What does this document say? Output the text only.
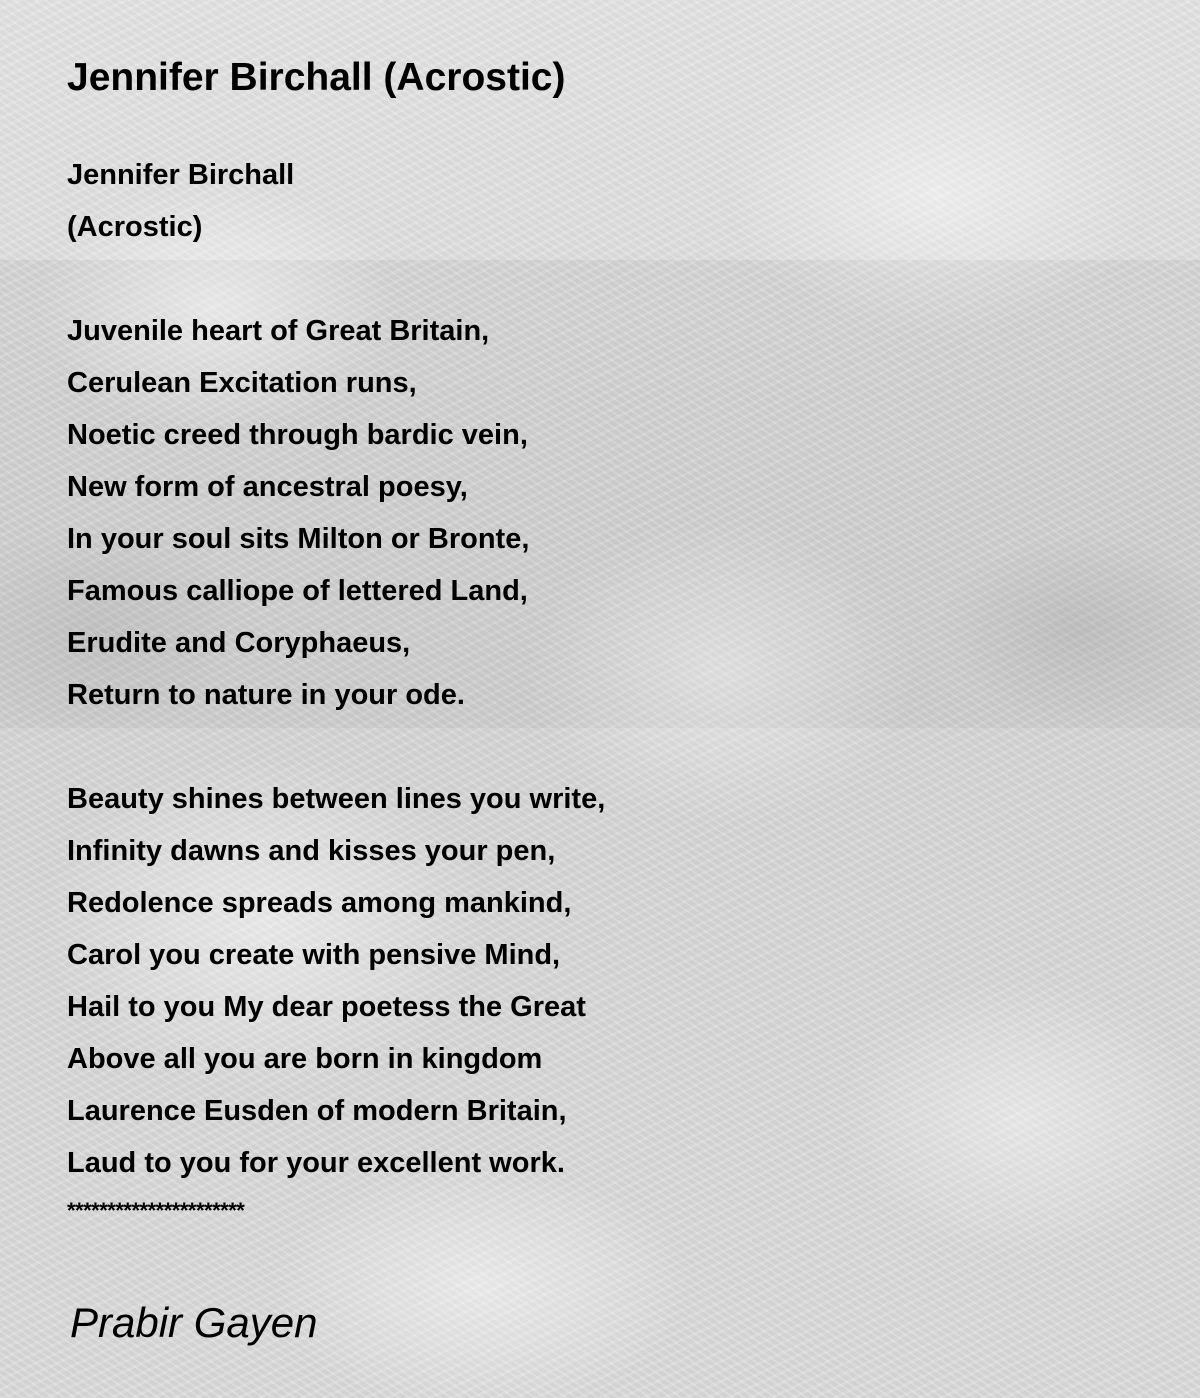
Jennifer Birchall (Acrostic)
Jennifer Birchall
(Acrostic)
Juvenile heart of Great Britain,
Cerulean Excitation runs,
Noetic creed through bardic vein,
New form of ancestral poesy,
In your soul sits Milton or Bronte,
Famous calliope of lettered Land,
Erudite and Coryphaeus,
Return to nature in your ode.
Beauty shines between lines you write,
Infinity dawns and kisses your pen,
Redolence spreads among mankind,
Carol you create with pensive Mind,
Hail to you My dear poetess the Great
Above all you are born in kingdom
Laurence Eusden of modern Britain,
Laud to you for your excellent work.
**********************
Prabir Gayen
